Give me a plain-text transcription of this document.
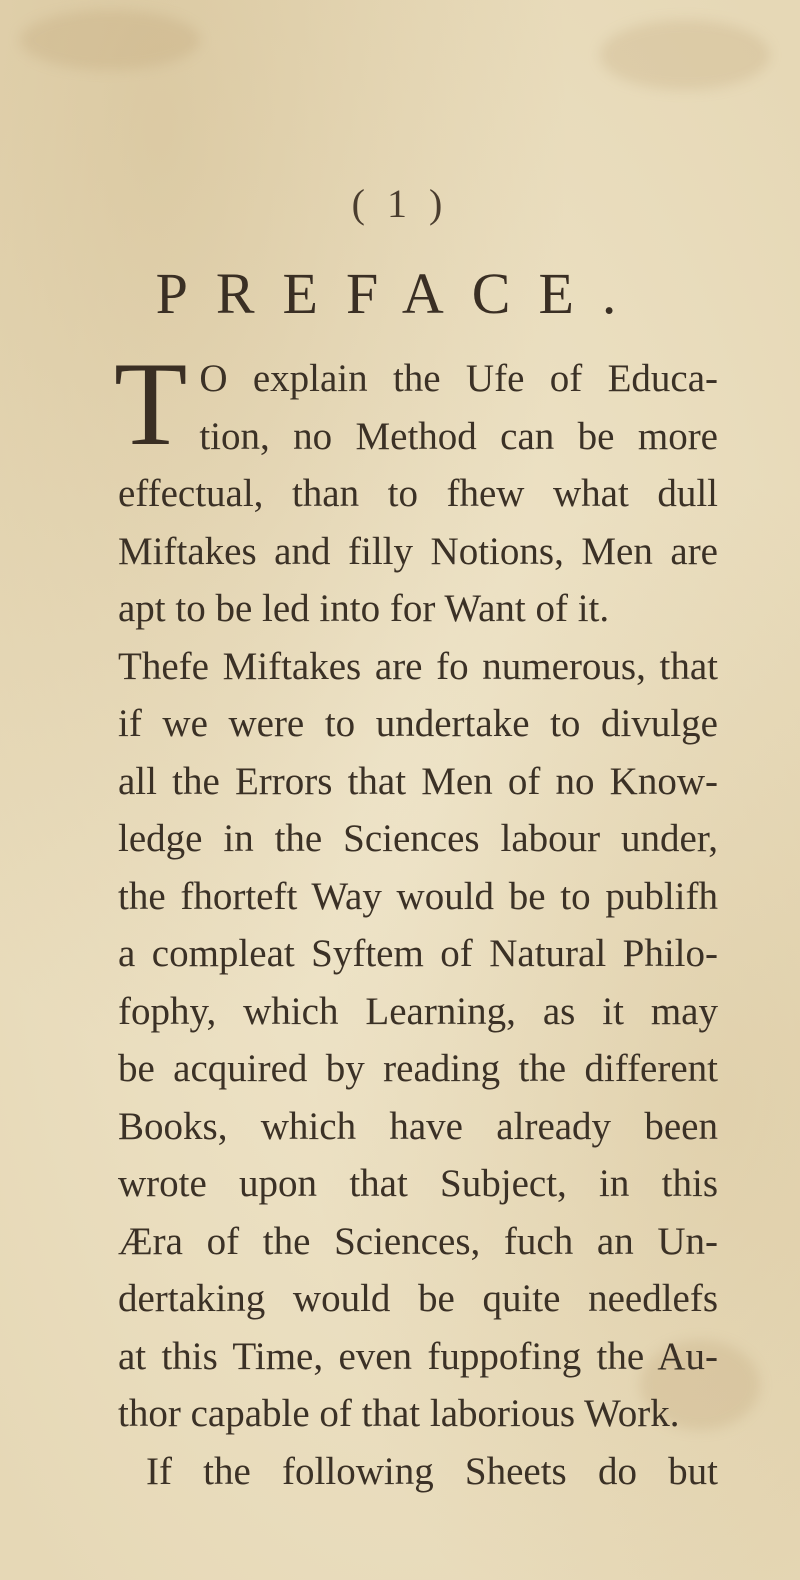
( 1 )
PREFACE.
T O explain the Ufe of Educa-
tion, no Method can be more
effectual, than to fhew what dull
Miftakes and filly Notions, Men are
apt to be led into for Want of it.
Thefe Miftakes are fo numerous, that
if we were to undertake to divulge
all the Errors that Men of no Know-
ledge in the Sciences labour under,
the fhorteft Way would be to publifh
a compleat Syftem of Natural Philo-
fophy, which Learning, as it may
be acquired by reading the different
Books, which have already been
wrote upon that Subject, in this
Æra of the Sciences, fuch an Un-
dertaking would be quite needlefs
at this Time, even fuppofing the Au-
thor capable of that laborious Work.
If the following Sheets do but
